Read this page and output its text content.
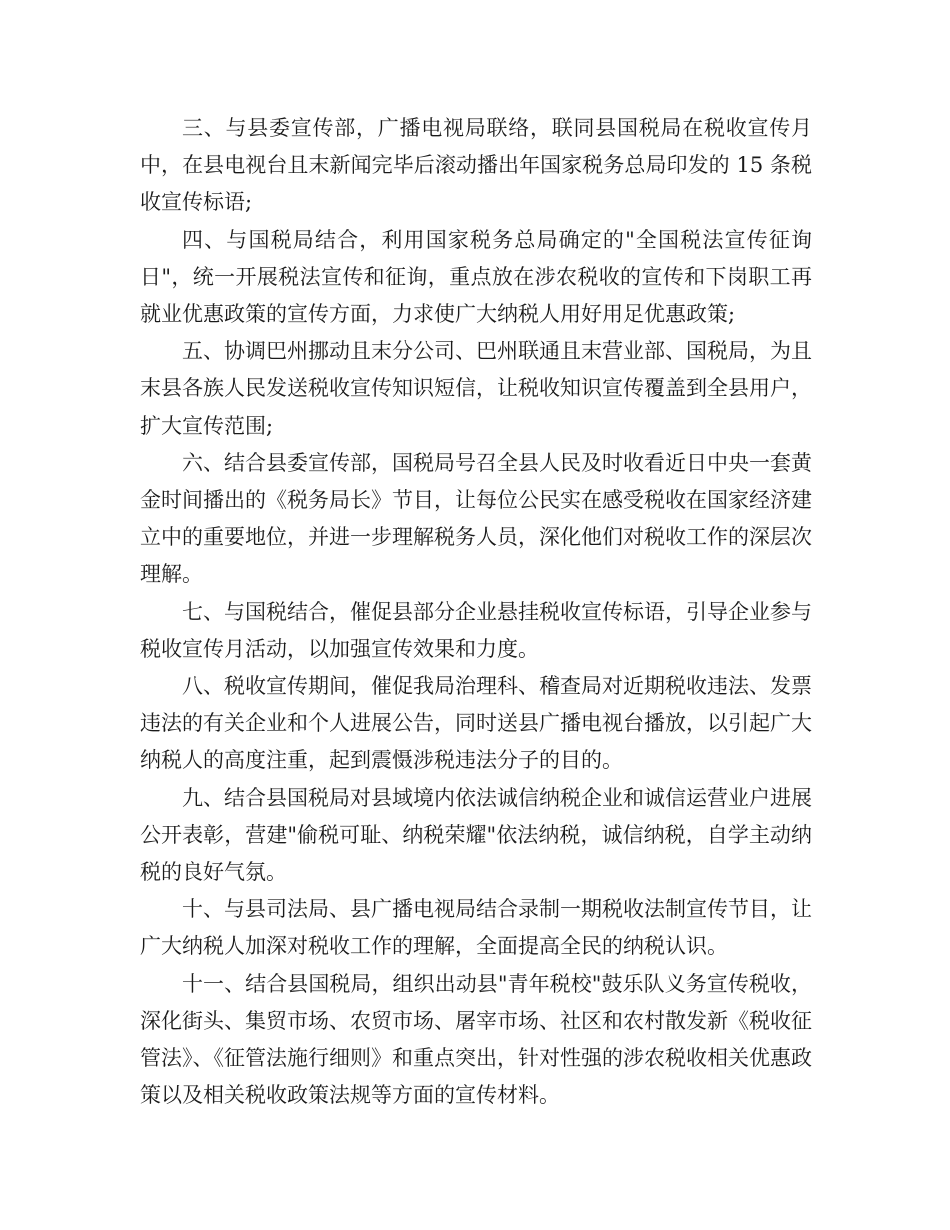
三、与县委宣传部，广播电视局联络，联同县国税局在税收宣传月中，在县电视台且末新闻完毕后滚动播出年国家税务总局印发的 15 条税收宣传标语;

四、与国税局结合，利用国家税务总局确定的"全国税法宣传征询日"，统一开展税法宣传和征询，重点放在涉农税收的宣传和下岗职工再就业优惠政策的宣传方面，力求使广大纳税人用好用足优惠政策;

五、协调巴州挪动且末分公司、巴州联通且末营业部、国税局，为且末县各族人民发送税收宣传知识短信，让税收知识宣传覆盖到全县用户，扩大宣传范围;

六、结合县委宣传部，国税局号召全县人民及时收看近日中央一套黄金时间播出的《税务局长》节目，让每位公民实在感受税收在国家经济建立中的重要地位，并进一步理解税务人员，深化他们对税收工作的深层次理解。

七、与国税结合，催促县部分企业悬挂税收宣传标语，引导企业参与税收宣传月活动，以加强宣传效果和力度。

八、税收宣传期间，催促我局治理科、稽查局对近期税收违法、发票违法的有关企业和个人进展公告，同时送县广播电视台播放，以引起广大纳税人的高度注重，起到震慑涉税违法分子的目的。

九、结合县国税局对县域境内依法诚信纳税企业和诚信运营业户进展公开表彰，营建"偷税可耻、纳税荣耀"依法纳税，诚信纳税，自学主动纳税的良好气氛。

十、与县司法局、县广播电视局结合录制一期税收法制宣传节目，让广大纳税人加深对税收工作的理解，全面提高全民的纳税认识。

十一、结合县国税局，组织出动县"青年税校"鼓乐队义务宣传税收，深化街头、集贸市场、农贸市场、屠宰市场、社区和农村散发新《税收征管法》、《征管法施行细则》和重点突出，针对性强的涉农税收相关优惠政策以及相关税收政策法规等方面的宣传材料。
